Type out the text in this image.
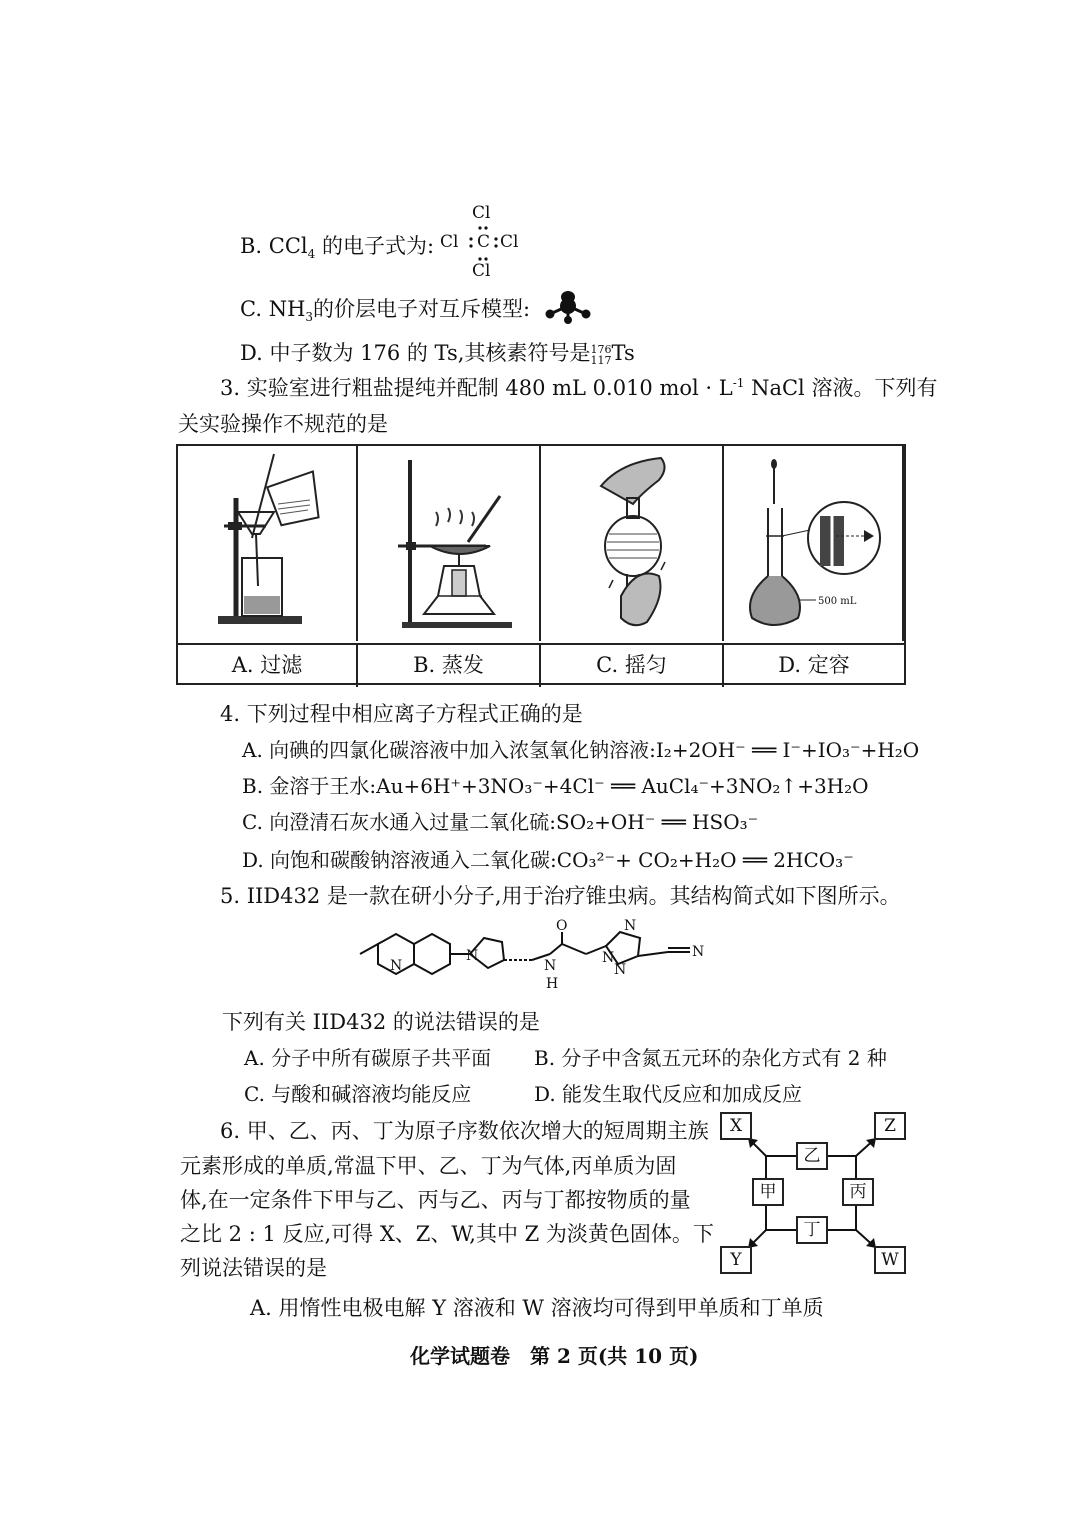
B. CCl$_4$ 的电子式为:
Cl
Cl C Cl
Cl
C. $NH_3$的价层电子对互斥模型:
D. 中子数为 176 的 Ts,其核素符号是176
117Ts
3. 实验室进行粗盐提纯并配制 480 mL 0.010 mol · $L^{-1}$ NaCl 溶液。下列有
关实验操作不规范的是
500 mL
A. 过滤	B. 蒸发	C. 摇匀	D. 定容
4. 下列过程中相应离子方程式正确的是
A. 向碘的四氯化碳溶液中加入浓氢氧化钠溶液:I₂+2OH⁻ ══ I⁻+IO₃⁻+H₂O
B. 金溶于王水:Au+6H⁺+3NO₃⁻+4Cl⁻ ══ AuCl₄⁻+3NO₂↑+3H₂O
C. 向澄清石灰水通入过量二氧化硫:SO₂+OH⁻ ══ HSO₃⁻
D. 向饱和碳酸钠溶液通入二氧化碳:CO₃²⁻+ CO₂+H₂O ══ 2HCO₃⁻
5. IID432 是一款在研小分子,用于治疗锥虫病。其结构简式如下图所示。
N
N
N
H
O
N
N
N
N
下列有关 IID432 的说法错误的是
A. 分子中所有碳原子共平面 B. 分子中含氮五元环的杂化方式有 2 种
C. 与酸和碱溶液均能反应	D. 能发生取代反应和加成反应
6. 甲、乙、丙、丁为原子序数依次增大的短周期主族
元素形成的单质,常温下甲、乙、丁为气体,丙单质为固
体,在一定条件下甲与乙、丙与乙、丙与丁都按物质的量
之比 2 : 1 反应,可得 X、Z、W,其中 Z 为淡黄色固体。下
列说法错误的是
X	Z
Y	W
乙
甲	丙
丁
A. 用惰性电极电解 Y 溶液和 W 溶液均可得到甲单质和丁单质
化学试题卷　第 2 页(共 10 页)
